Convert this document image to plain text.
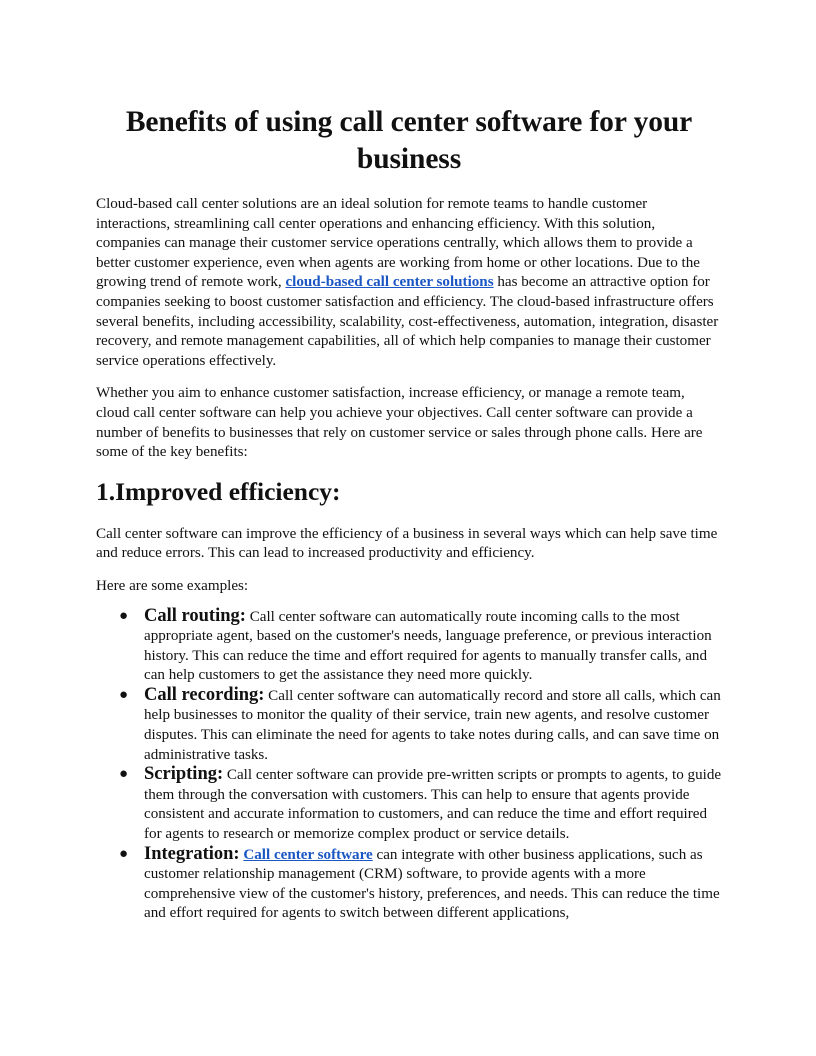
Benefits of using call center software for your business

Cloud-based call center solutions are an ideal solution for remote teams to handle customer interactions, streamlining call center operations and enhancing efficiency. With this solution, companies can manage their customer service operations centrally, which allows them to provide a better customer experience, even when agents are working from home or other locations. Due to the growing trend of remote work, cloud-based call center solutions has become an attractive option for companies seeking to boost customer satisfaction and efficiency. The cloud-based infrastructure offers several benefits, including accessibility, scalability, cost-effectiveness, automation, integration, disaster recovery, and remote management capabilities, all of which help companies to manage their customer service operations effectively.

Whether you aim to enhance customer satisfaction, increase efficiency, or manage a remote team, cloud call center software can help you achieve your objectives. Call center software can provide a number of benefits to businesses that rely on customer service or sales through phone calls. Here are some of the key benefits:

1.Improved efficiency:

Call center software can improve the efficiency of a business in several ways which can help save time and reduce errors. This can lead to increased productivity and efficiency.

Here are some examples:

● Call routing: Call center software can automatically route incoming calls to the most appropriate agent, based on the customer's needs, language preference, or previous interaction history. This can reduce the time and effort required for agents to manually transfer calls, and can help customers to get the assistance they need more quickly.
● Call recording: Call center software can automatically record and store all calls, which can help businesses to monitor the quality of their service, train new agents, and resolve customer disputes. This can eliminate the need for agents to take notes during calls, and can save time on administrative tasks.
● Scripting: Call center software can provide pre-written scripts or prompts to agents, to guide them through the conversation with customers. This can help to ensure that agents provide consistent and accurate information to customers, and can reduce the time and effort required for agents to research or memorize complex product or service details.
● Integration: Call center software can integrate with other business applications, such as customer relationship management (CRM) software, to provide agents with a more comprehensive view of the customer's history, preferences, and needs. This can reduce the time and effort required for agents to switch between different applications,
